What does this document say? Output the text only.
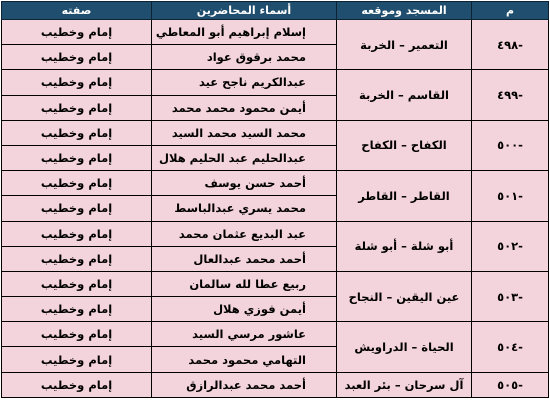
م	المسجد وموقعه	أسماء المحاضرين	صفته
-٤٩٨	التعمير – الخربة	إسلام إبراهيم أبو المعاطي	إمام وخطيب
		محمد برقوق عواد	إمام وخطيب
-٤٩٩	القاسم – الخربة	عبدالكريم ناجح عيد	إمام وخطيب
		أيمن محمود محمد محمد	إمام وخطيب
-٥٠٠	الكفاح – الكفاح	محمد السيد محمد السيد	إمام وخطيب
		عبدالحليم عبد الحليم هلال	إمام وخطيب
-٥٠١	القاطر – القاطر	أحمد حسن يوسف	إمام وخطيب
		محمد يسري عبدالباسط	إمام وخطيب
-٥٠٢	أبو شلة – أبو شلة	عبد البديع عثمان محمد	إمام وخطيب
		أحمد محمد عبدالعال	إمام وخطيب
-٥٠٣	عين اليقين – النجاح	ربيع عطا لله سالمان	إمام وخطيب
		أيمن فوزي هلال	إمام وخطيب
-٥٠٤	الحياة – الدراويش	عاشور مرسي السيد	إمام وخطيب
		التهامي محمود محمد	إمام وخطيب
-٥٠٥	آل سرحان – بئر العبد	أحمد محمد عبدالرازق	إمام وخطيب
